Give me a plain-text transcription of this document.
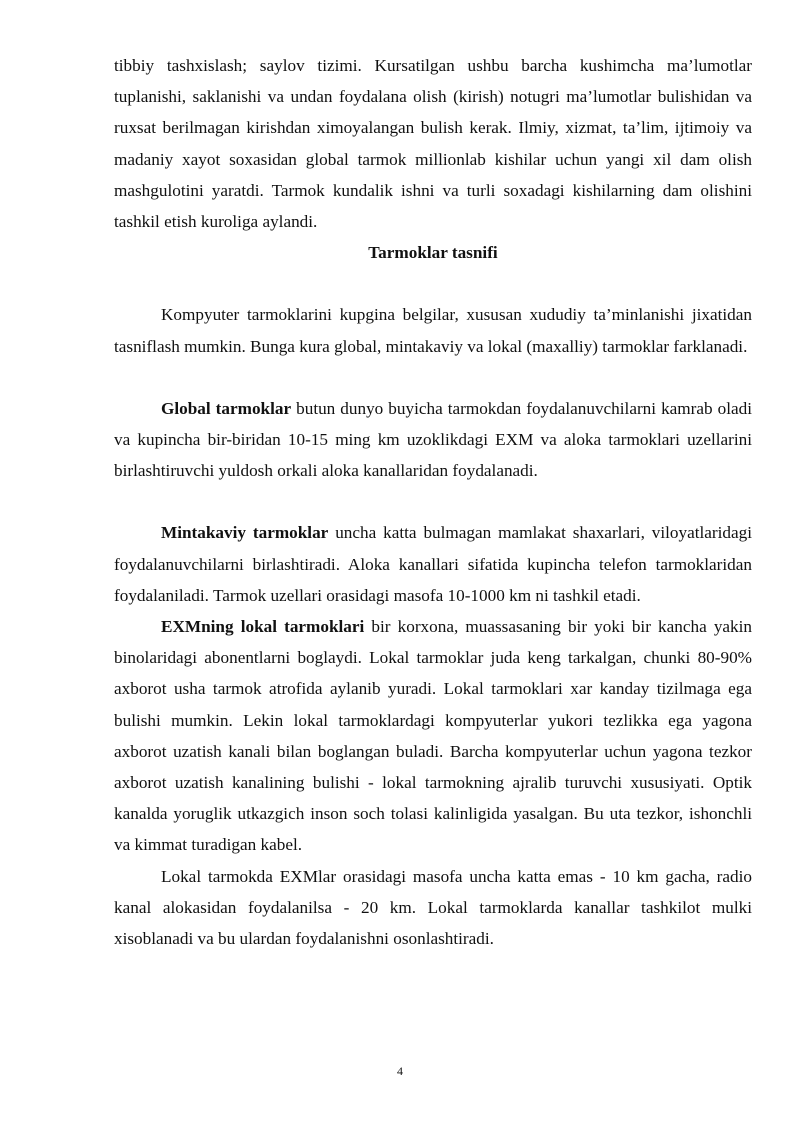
tibbiy tashxislash; saylov tizimi. Kursatilgan ushbu barcha kushimcha ma’lumotlar tuplanishi, saklanishi va undan foydalana olish (kirish) notugri ma’lumotlar bulishidan va ruxsat berilmagan kirishdan ximoyalangan bulish kerak. Ilmiy, xizmat, ta’lim, ijtimoiy va madaniy xayot soxasidan global tarmok millionlab kishilar uchun yangi xil dam olish mashgulotini yaratdi. Tarmok kundalik ishni va turli soxadagi kishilarning dam olishini tashkil etish kuroliga aylandi.

Tarmoklar tasnifi

Kompyuter tarmoklarini kupgina belgilar, xususan xududiy ta’minlanishi jixatidan tasniflash mumkin. Bunga kura global, mintakaviy va lokal (maxalliy) tarmoklar farklanadi.

Global tarmoklar butun dunyo buyicha tarmokdan foydalanuvchilarni kamrab oladi va kupincha bir-biridan 10-15 ming km uzoklikdagi EXM va aloka tarmoklari uzellarini birlashtiruvchi yuldosh orkali aloka kanallaridan foydalanadi.

Mintakaviy tarmoklar uncha katta bulmagan mamlakat shaxarlari, viloyatlaridagi foydalanuvchilarni birlashtiradi. Aloka kanallari sifatida kupincha telefon tarmoklaridan foydalaniladi. Tarmok uzellari orasidagi masofa 10-1000 km ni tashkil etadi.

EXMning lokal tarmoklari bir korxona, muassasaning bir yoki bir kancha yakin binolaridagi abonentlarni boglaydi. Lokal tarmoklar juda keng tarkalgan, chunki 80-90% axborot usha tarmok atrofida aylanib yuradi. Lokal tarmoklari xar kanday tizilmaga ega bulishi mumkin. Lekin lokal tarmoklardagi kompyuterlar yukori tezlikka ega yagona axborot uzatish kanali bilan boglangan buladi. Barcha kompyuterlar uchun yagona tezkor axborot uzatish kanalining bulishi - lokal tarmokning ajralib turuvchi xususiyati. Optik kanalda yoruglik utkazgich inson soch tolasi kalinligida yasalgan. Bu uta tezkor, ishonchli va kimmat turadigan kabel.

Lokal tarmokda EXMlar orasidagi masofa uncha katta emas - 10 km gacha, radio kanal alokasidan foydalanilsa - 20 km. Lokal tarmoklarda kanallar tashkilot mulki xisoblanadi va bu ulardan foydalanishni osonlashtiradi.

4
